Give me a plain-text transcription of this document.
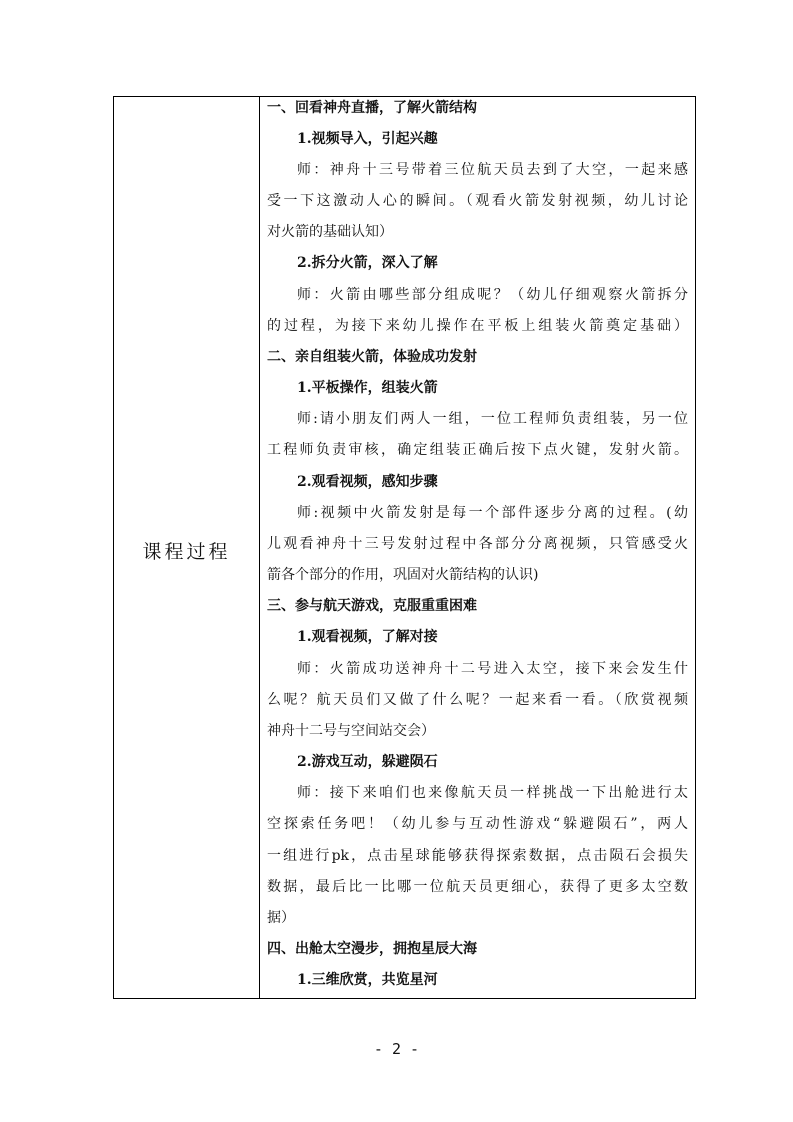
课程过程
一、回看神舟直播，了解火箭结构
1.视频导入，引起兴趣
师：神舟十三号带着三位航天员去到了大空，一起来感
受一下这激动人心的瞬间。（观看火箭发射视频，幼儿讨论
对火箭的基础认知）
2.拆分火箭，深入了解
师：火箭由哪些部分组成呢？（幼儿仔细观察火箭拆分
的过程，为接下来幼儿操作在平板上组装火箭奠定基础）
二、亲自组装火箭，体验成功发射
1.平板操作，组装火箭
师:请小朋友们两人一组，一位工程师负责组装，另一位
工程师负责审核，确定组装正确后按下点火键，发射火箭。
2.观看视频，感知步骤
师:视频中火箭发射是每一个部件逐步分离的过程。(幼
儿观看神舟十三号发射过程中各部分分离视频，只管感受火
箭各个部分的作用，巩固对火箭结构的认识)
三、参与航天游戏，克服重重困难
1.观看视频，了解对接
师：火箭成功送神舟十二号进入太空，接下来会发生什
么呢？航天员们又做了什么呢？一起来看一看。（欣赏视频
神舟十二号与空间站交会）
2.游戏互动，躲避陨石
师：接下来咱们也来像航天员一样挑战一下出舱进行太
空探索任务吧！（幼儿参与互动性游戏“躲避陨石”，两人
一组进行pk，点击星球能够获得探索数据，点击陨石会损失
数据，最后比一比哪一位航天员更细心，获得了更多太空数
据）
四、出舱太空漫步，拥抱星辰大海
1.三维欣赏，共览星河
- 2 -
